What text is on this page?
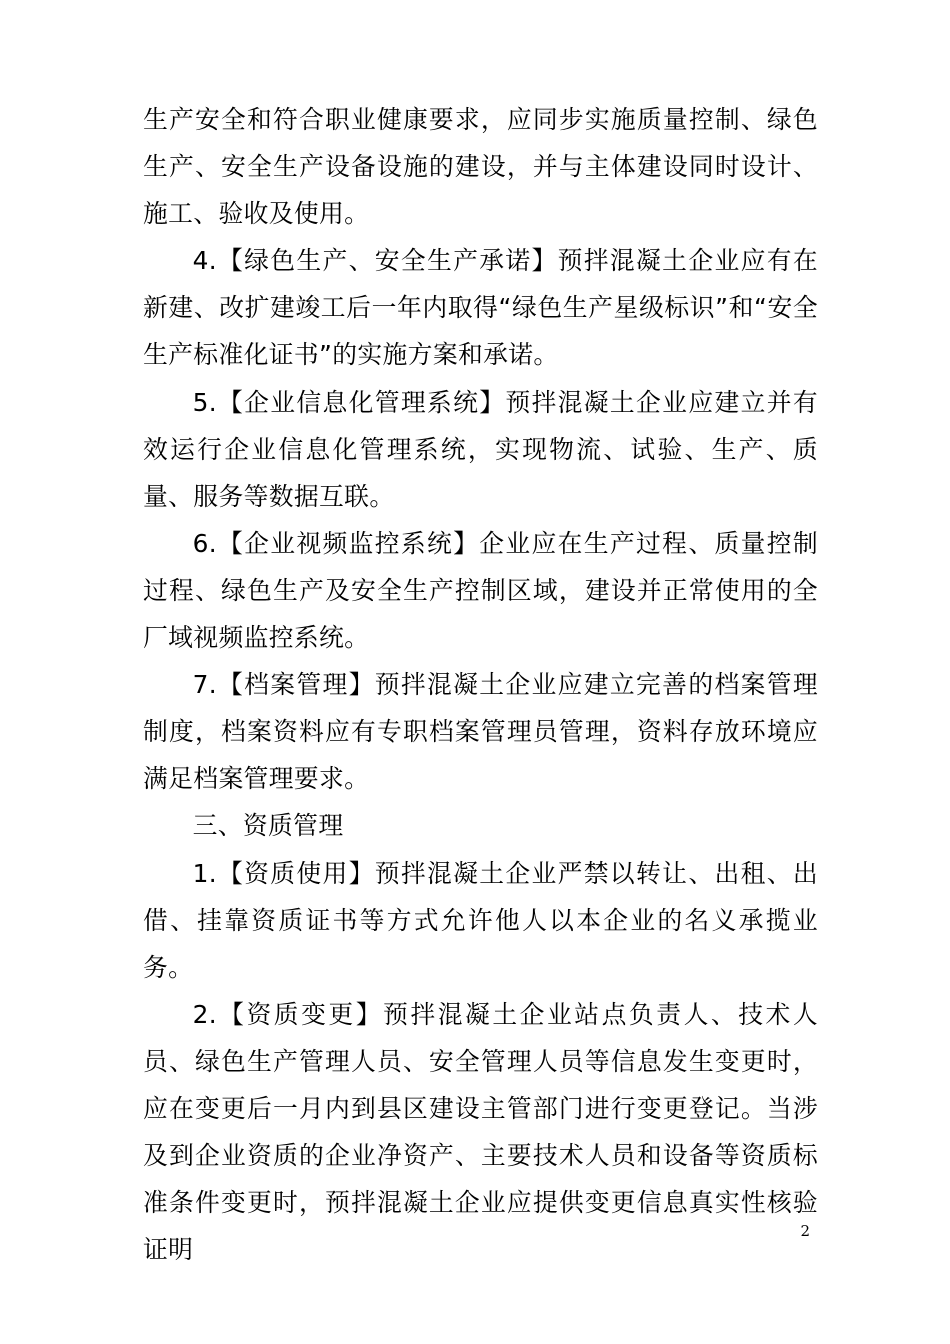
生产安全和符合职业健康要求，应同步实施质量控制、绿色生产、安全生产设备设施的建设，并与主体建设同时设计、施工、验收及使用。

4.【绿色生产、安全生产承诺】预拌混凝土企业应有在新建、改扩建竣工后一年内取得“绿色生产星级标识”和“安全生产标准化证书”的实施方案和承诺。

5.【企业信息化管理系统】预拌混凝土企业应建立并有效运行企业信息化管理系统，实现物流、试验、生产、质量、服务等数据互联。

6.【企业视频监控系统】企业应在生产过程、质量控制过程、绿色生产及安全生产控制区域，建设并正常使用的全厂域视频监控系统。

7.【档案管理】预拌混凝土企业应建立完善的档案管理制度，档案资料应有专职档案管理员管理，资料存放环境应满足档案管理要求。

三、资质管理

1.【资质使用】预拌混凝土企业严禁以转让、出租、出借、挂靠资质证书等方式允许他人以本企业的名义承揽业务。

2.【资质变更】预拌混凝土企业站点负责人、技术人员、绿色生产管理人员、安全管理人员等信息发生变更时，应在变更后一月内到县区建设主管部门进行变更登记。当涉及到企业资质的企业净资产、主要技术人员和设备等资质标准条件变更时，预拌混凝土企业应提供变更信息真实性核验证明

2
